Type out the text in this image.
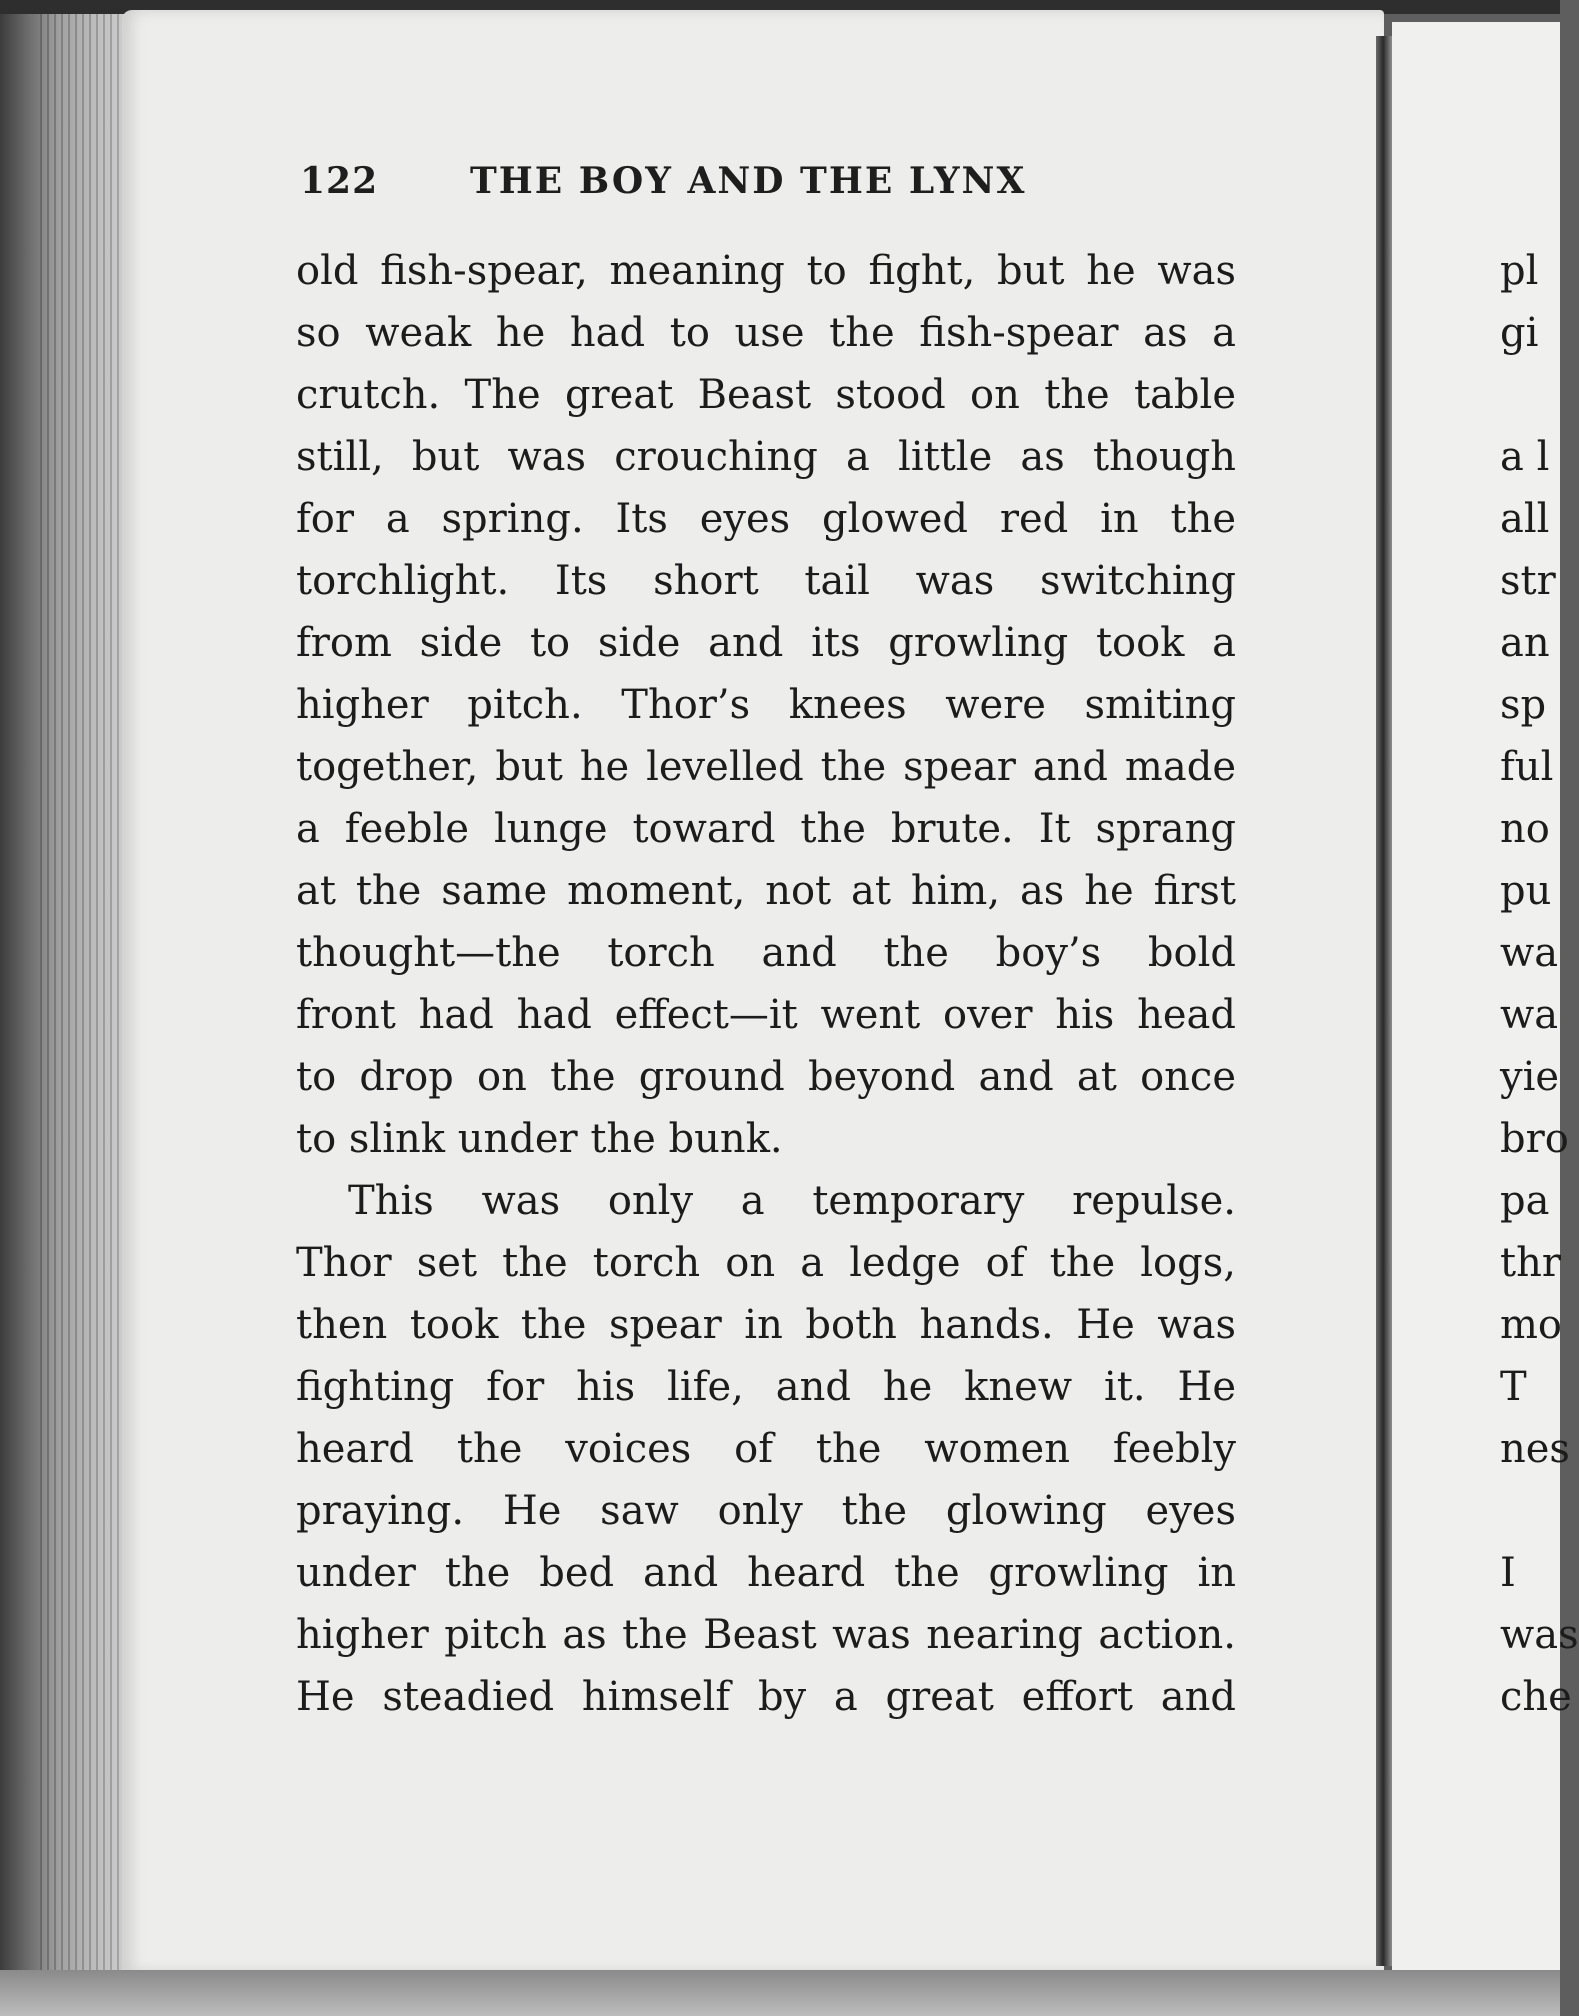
122	THE BOY AND THE LYNX
old fish-spear, meaning to fight, but he was
so weak he had to use the fish-spear as a
crutch. The great Beast stood on the table
still, but was crouching a little as though
for a spring. Its eyes glowed red in the
torchlight. Its short tail was switching
from side to side and its growling took a
higher pitch. Thor’s knees were smiting
together, but he levelled the spear and made
a feeble lunge toward the brute. It sprang
at the same moment, not at him, as he first
thought—the torch and the boy’s bold
front had had effect—it went over his head
to drop on the ground beyond and at once
to slink under the bunk.
This was only a temporary repulse.
Thor set the torch on a ledge of the logs,
then took the spear in both hands. He was
fighting for his life, and he knew it. He
heard the voices of the women feebly
praying. He saw only the glowing eyes
under the bed and heard the growling in
higher pitch as the Beast was nearing action.
He steadied himself by a great effort and
pl
gi
a l
all
str
an
sp
ful
no
pu
wa
wa
yie
bro
pa
thr
mo
T
nes
I
was
che
